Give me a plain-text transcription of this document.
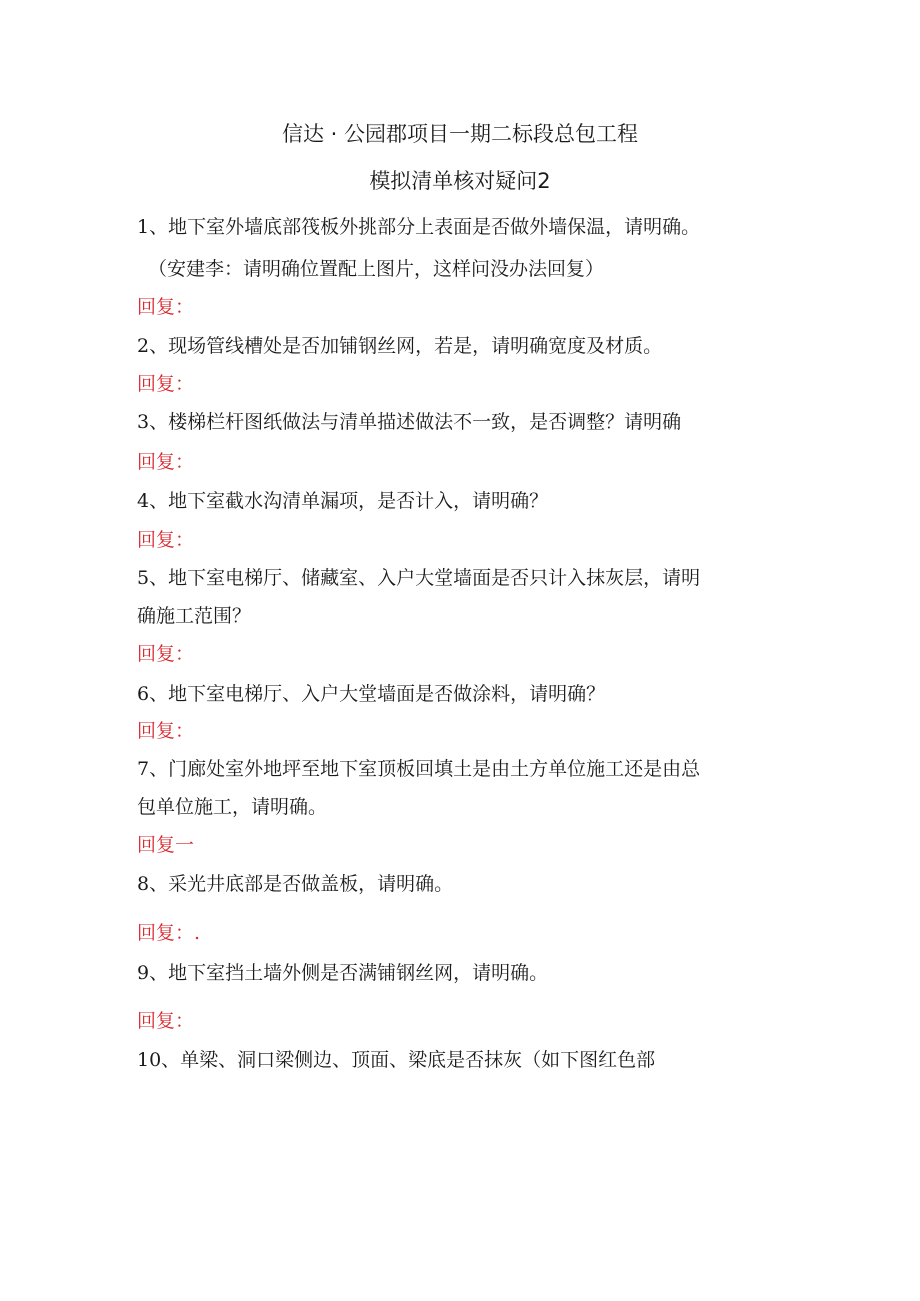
信达 · 公园郡项目一期二标段总包工程
模拟清单核对疑问2
1、地下室外墙底部筏板外挑部分上表面是否做外墙保温，请明确。
（安建李：请明确位置配上图片，这样问没办法回复）
回复：
2、现场管线槽处是否加铺钢丝网，若是，请明确宽度及材质。
回复：
3、楼梯栏杆图纸做法与清单描述做法不一致，是否调整？请明确
回复：
4、地下室截水沟清单漏项，是否计入，请明确？
回复：
5、地下室电梯厅、储藏室、入户大堂墙面是否只计入抹灰层，请明
确施工范围？
回复：
6、地下室电梯厅、入户大堂墙面是否做涂料，请明确？
回复：
7、门廊处室外地坪至地下室顶板回填土是由土方单位施工还是由总
包单位施工，请明确。
回复一
8、采光井底部是否做盖板，请明确。
回复：.
9、地下室挡土墙外侧是否满铺钢丝网，请明确。
回复：
10、单梁、洞口梁侧边、顶面、梁底是否抹灰（如下图红色部
